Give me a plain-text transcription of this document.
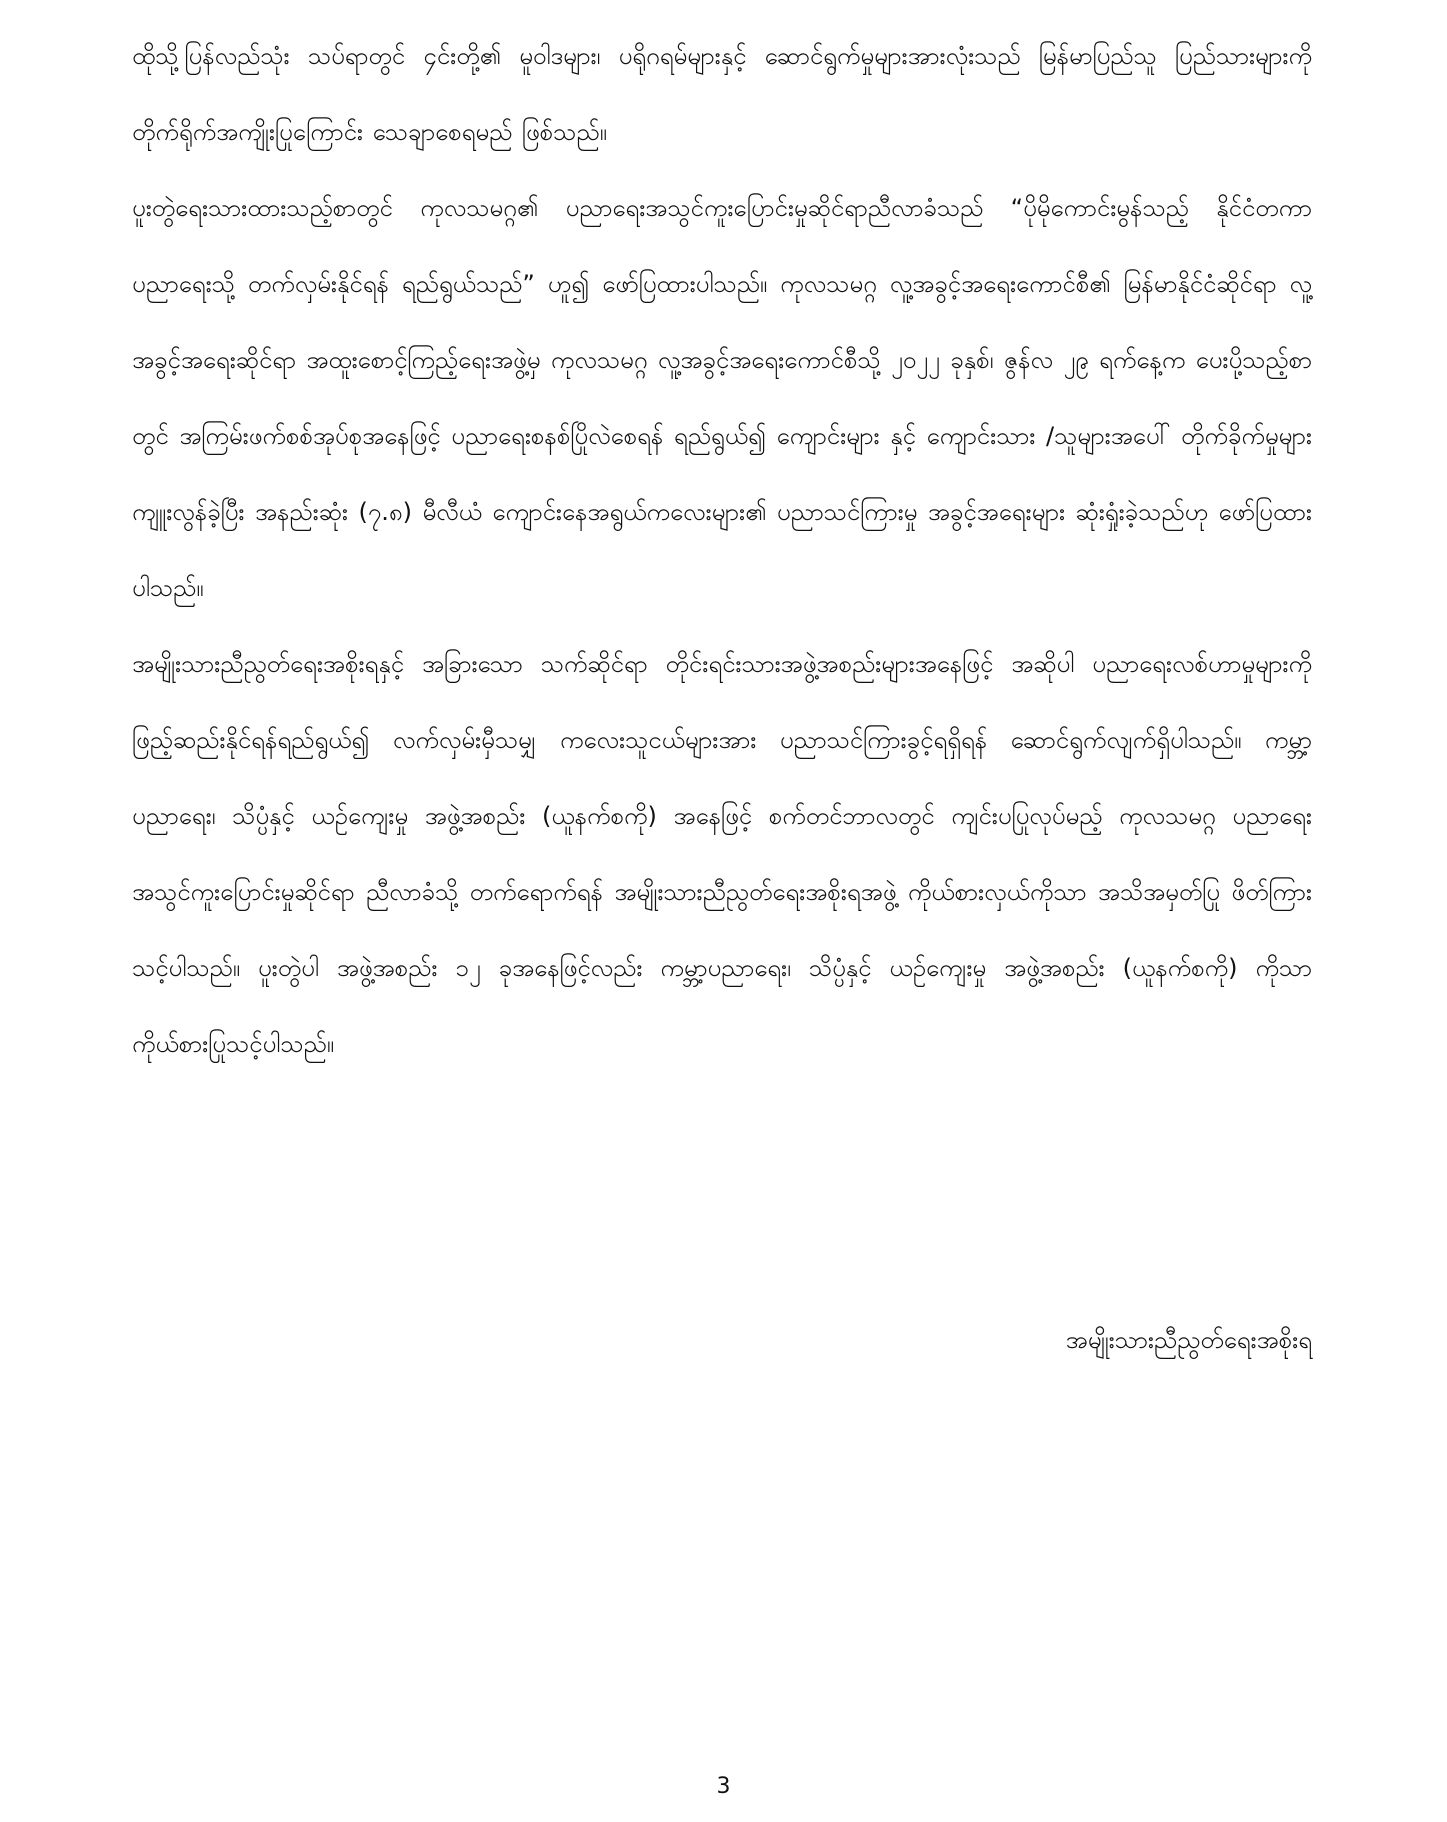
ထိုသို့ပြန်လည်သုံး သပ်ရာတွင် ၄င်းတို့၏ မူဝါဒများ၊ ပရိုဂရမ်များနှင့် ဆောင်ရွက်မှုများအားလုံးသည် မြန်မာပြည်သူ ပြည်သားများကို တိုက်ရိုက်အကျိုးပြုကြောင်း သေချာစေရမည် ဖြစ်သည်။

ပူးတွဲရေးသားထားသည့်စာတွင် ကုလသမဂ္ဂ၏ ပညာရေးအသွင်ကူးပြောင်းမှုဆိုင်ရာညီလာခံသည် “ပိုမိုကောင်းမွန်သည့် နိုင်ငံတကာပညာရေးသို့ တက်လှမ်းနိုင်ရန် ရည်ရွယ်သည်” ဟူ၍ ဖော်ပြထားပါသည်။ ကုလသမဂ္ဂ လူ့အခွင့်အရေးကောင်စီ၏ မြန်မာနိုင်ငံဆိုင်ရာ လူ့အခွင့်အရေးဆိုင်ရာ အထူးစောင့်ကြည့်ရေးအဖွဲ့မှ ကုလသမဂ္ဂ လူ့အခွင့်အရေးကောင်စီသို့ ၂၀၂၂ ခုနှစ်၊ ဇွန်လ ၂၉ ရက်နေ့က ပေးပို့သည့်စာတွင် အကြမ်းဖက်စစ်အုပ်စုအနေဖြင့် ပညာရေးစနစ်ပြိုလဲစေရန် ရည်ရွယ်၍ ကျောင်းများ နှင့် ကျောင်းသား /သူများအပေါ် တိုက်ခိုက်မှုများ ကျူးလွန်ခဲ့ပြီး အနည်းဆုံး (၇.၈) မီလီယံ ကျောင်းနေအရွယ်ကလေးများ၏ ပညာသင်ကြားမှု အခွင့်အရေးများ ဆုံးရှုံးခဲ့သည်ဟု ဖော်ပြထားပါသည်။

အမျိုးသားညီညွတ်ရေးအစိုးရနှင့် အခြားသော သက်ဆိုင်ရာ တိုင်းရင်းသားအဖွဲ့အစည်းများအနေဖြင့် အဆိုပါ ပညာရေးလစ်ဟာမှုများကို ဖြည့်ဆည်းနိုင်ရန်ရည်ရွယ်၍ လက်လှမ်းမှီသမျှ ကလေးသူငယ်များအား ပညာသင်ကြားခွင့်ရရှိရန် ဆောင်ရွက်လျက်ရှိပါသည်။ ကမ္ဘာ့ပညာရေး၊ သိပ္ပံနှင့် ယဉ်ကျေးမှု အဖွဲ့အစည်း (ယူနက်စကို) အနေဖြင့် စက်တင်ဘာလတွင် ကျင်းပပြုလုပ်မည့် ကုလသမဂ္ဂ ပညာရေး အသွင်ကူးပြောင်းမှုဆိုင်ရာ ညီလာခံသို့ တက်ရောက်ရန် အမျိုးသားညီညွတ်ရေးအစိုးရအဖွဲ့ ကိုယ်စားလှယ်ကိုသာ အသိအမှတ်ပြု ဖိတ်ကြားသင့်ပါသည်။ ပူးတွဲပါ အဖွဲ့အစည်း ၁၂ ခုအနေဖြင့်လည်း ကမ္ဘာ့ပညာရေး၊ သိပ္ပံနှင့် ယဉ်ကျေးမှု အဖွဲ့အစည်း (ယူနက်စကို) ကိုသာ ကိုယ်စားပြုသင့်ပါသည်။

အမျိုးသားညီညွတ်ရေးအစိုးရ
3
